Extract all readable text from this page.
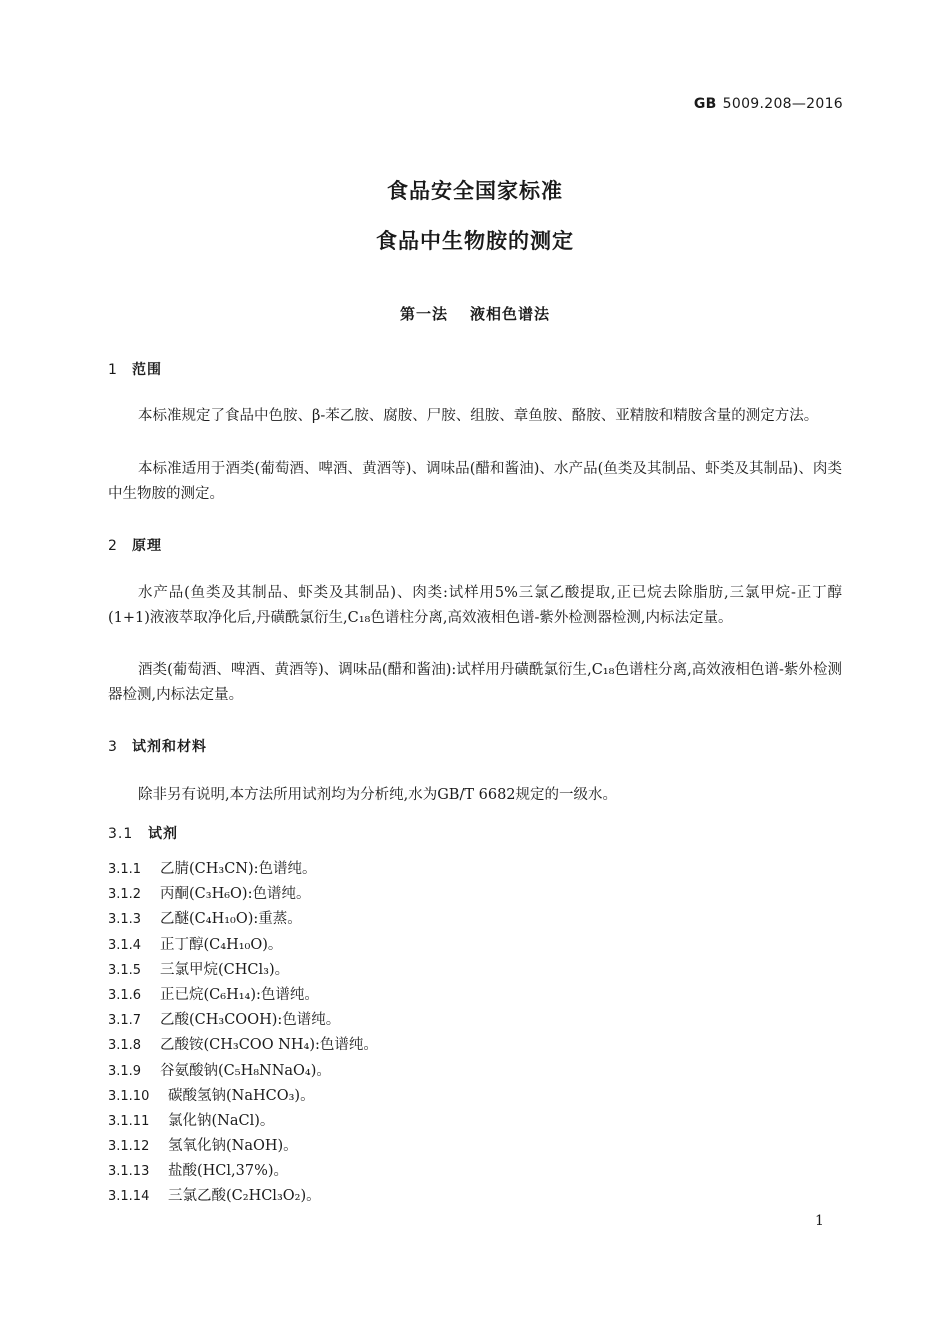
GB 5009.208—2016
食品安全国家标准
食品中生物胺的测定
第一法 液相色谱法
1 范围
本标准规定了食品中色胺、β-苯乙胺、腐胺、尸胺、组胺、章鱼胺、酪胺、亚精胺和精胺含量的测定方法。
本标准适用于酒类(葡萄酒、啤酒、黄酒等)、调味品(醋和酱油)、水产品(鱼类及其制品、虾类及其制品)、肉类中生物胺的测定。
2 原理
水产品(鱼类及其制品、虾类及其制品)、肉类:试样用5%三氯乙酸提取,正已烷去除脂肪,三氯甲烷-正丁醇(1+1)液液萃取净化后,丹磺酰氯衍生,C₁₈色谱柱分离,高效液相色谱-紫外检测器检测,内标法定量。
酒类(葡萄酒、啤酒、黄酒等)、调味品(醋和酱油):试样用丹磺酰氯衍生,C₁₈色谱柱分离,高效液相色谱-紫外检测器检测,内标法定量。
3 试剂和材料
除非另有说明,本方法所用试剂均为分析纯,水为GB/T 6682规定的一级水。
3.1 试剂
3.1.1 乙腈(CH₃CN):色谱纯。
3.1.2 丙酮(C₃H₆O):色谱纯。
3.1.3 乙醚(C₄H₁₀O):重蒸。
3.1.4 正丁醇(C₄H₁₀O)。
3.1.5 三氯甲烷(CHCl₃)。
3.1.6 正已烷(C₆H₁₄):色谱纯。
3.1.7 乙酸(CH₃COOH):色谱纯。
3.1.8 乙酸铵(CH₃COO NH₄):色谱纯。
3.1.9 谷氨酸钠(C₅H₈NNaO₄)。
3.1.10 碳酸氢钠(NaHCO₃)。
3.1.11 氯化钠(NaCl)。
3.1.12 氢氧化钠(NaOH)。
3.1.13 盐酸(HCl,37%)。
3.1.14 三氯乙酸(C₂HCl₃O₂)。
1
